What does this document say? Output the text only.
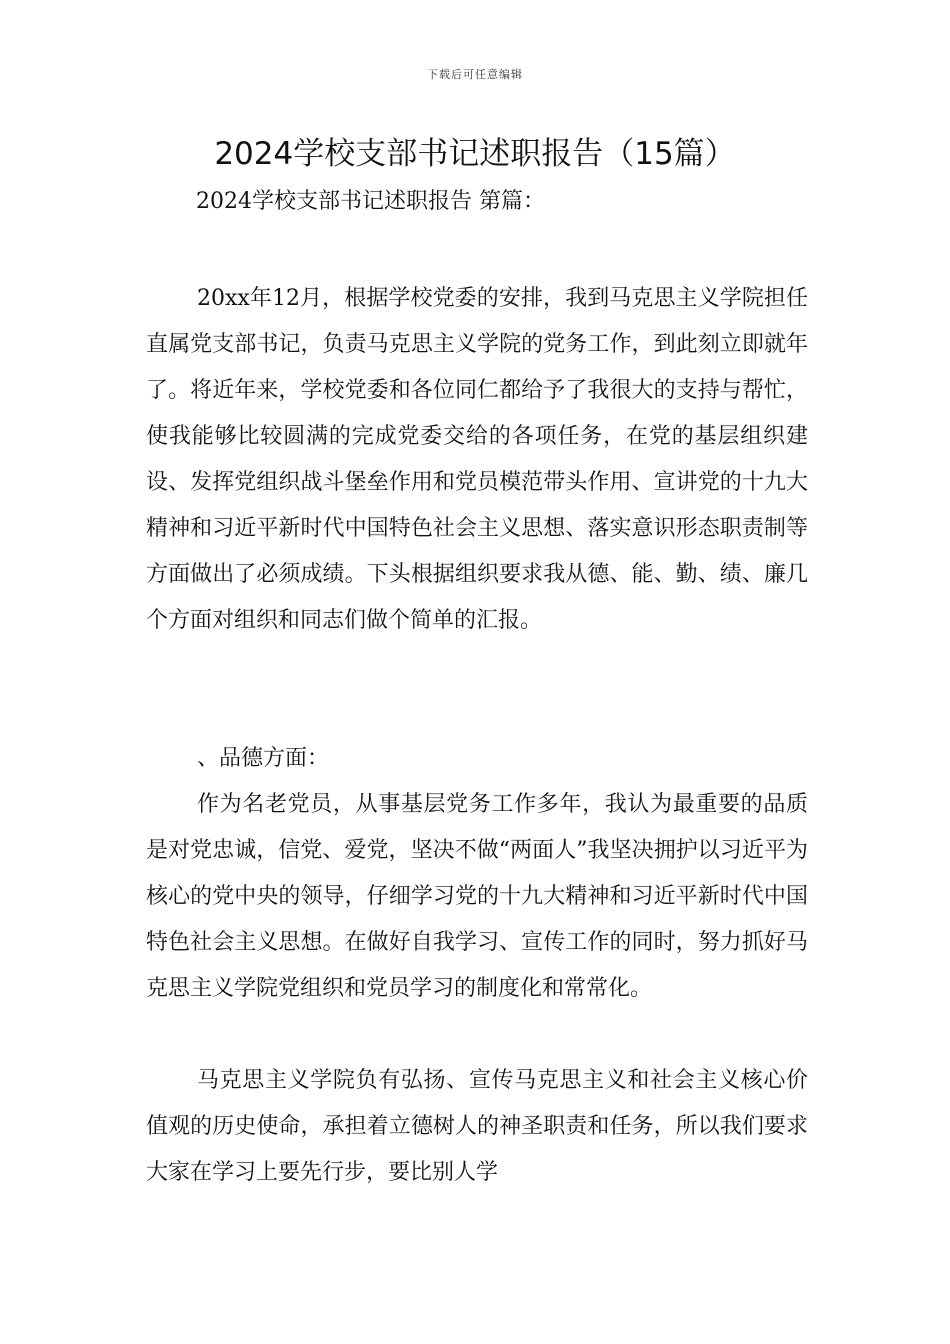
下载后可任意编辑
2024学校支部书记述职报告（15篇）
2024学校支部书记述职报告 第篇：

20xx年12月，根据学校党委的安排，我到马克思主义学院担任直属党支部书记，负责马克思主义学院的党务工作，到此刻立即就年了。将近年来，学校党委和各位同仁都给予了我很大的支持与帮忙，使我能够比较圆满的完成党委交给的各项任务，在党的基层组织建设、发挥党组织战斗堡垒作用和党员模范带头作用、宣讲党的十九大精神和习近平新时代中国特色社会主义思想、落实意识形态职责制等方面做出了必须成绩。下头根据组织要求我从德、能、勤、绩、廉几个方面对组织和同志们做个简单的汇报。

、品德方面：

作为名老党员，从事基层党务工作多年，我认为最重要的品质是对党忠诚，信党、爱党，坚决不做“两面人”我坚决拥护以习近平为核心的党中央的领导，仔细学习党的十九大精神和习近平新时代中国特色社会主义思想。在做好自我学习、宣传工作的同时，努力抓好马克思主义学院党组织和党员学习的制度化和常常化。

马克思主义学院负有弘扬、宣传马克思主义和社会主义核心价值观的历史使命，承担着立德树人的神圣职责和任务，所以我们要求大家在学习上要先行步，要比别人学
